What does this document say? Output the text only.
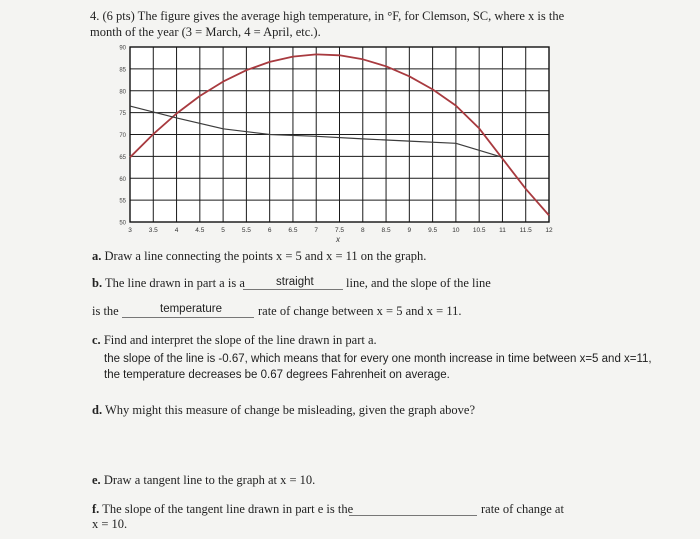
4. (6 pts) The figure gives the average high temperature, in °F, for Clemson, SC, where x is the
month of the year (3 = March, 4 = April, etc.).
50
55
60
65
70
75
80
85
90
3	3.5	4	4.5	5	5.5	6	6.5	7	7.5	8	8.5	9	9.5 10 10.5 11 11.5 12
x
a. Draw a line connecting the points x = 5 and x = 11 on the graph.
b. The line drawn in part a is a	straight	line, and the slope of the line
is the	temperature	rate of change between x = 5 and x = 11.
c. Find and interpret the slope of the line drawn in part a.
the slope of the line is -0.67, which means that for every one month increase in time between x=5 and x=11,
the temperature decreases be 0.67 degrees Fahrenheit on average.
d. Why might this measure of change be misleading, given the graph above?
e. Draw a tangent line to the graph at x = 10.
f. The slope of the tangent line drawn in part e is the	rate of change at
x = 10.
